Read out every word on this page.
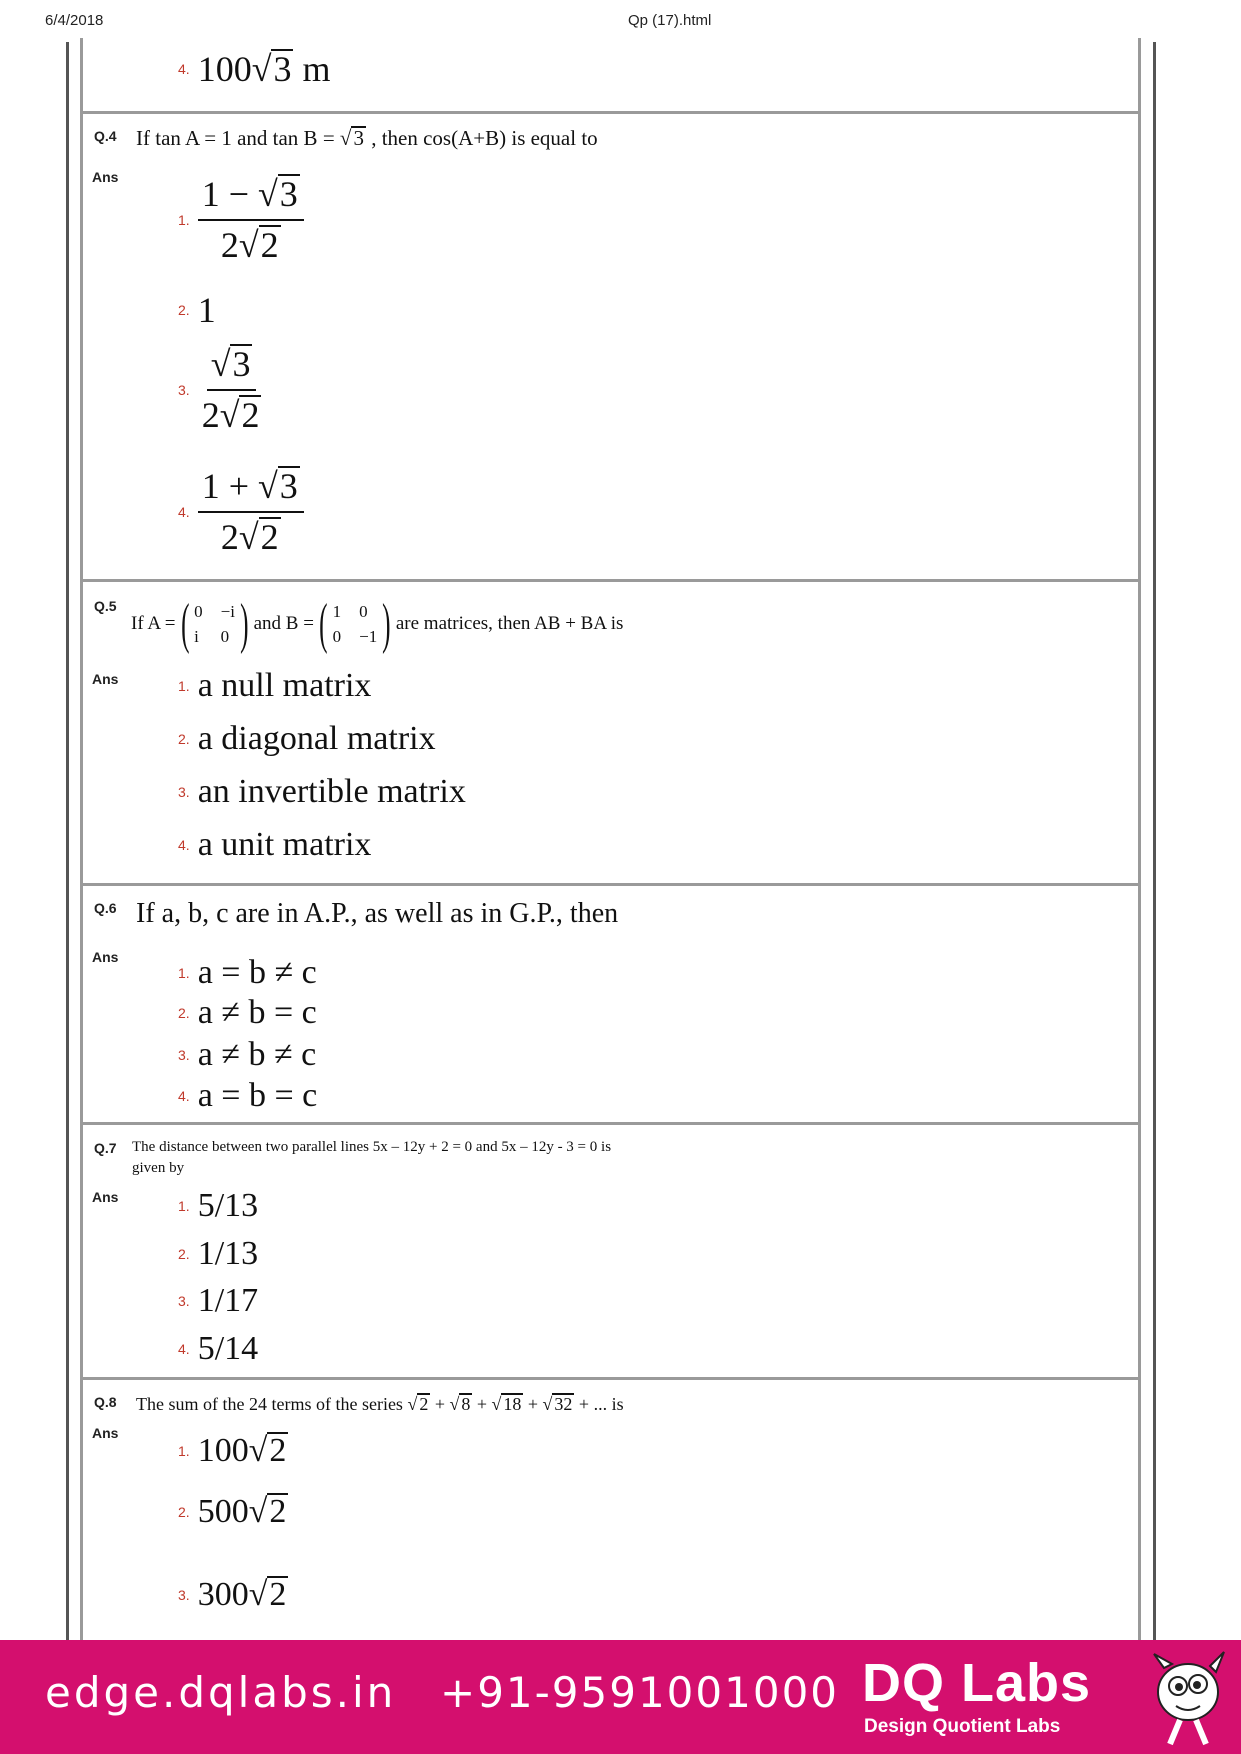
6/4/2018	Qp (17).html
4. 100√3 m
Q.4 If tan A = 1 and tan B = √3 , then cos(A+B) is equal to
Ans
1. $\frac{1 - √3}{2√2}$
2. 1
3. $\frac{√3}{2√2}$
4. $\frac{1 + √3}{2√2}$
Q.5
If A = ( 0 −i
i 0 ) and B = ( 1 0
0 −1 ) are matrices, then AB + BA is
Ans	1. a null matrix
2. a diagonal matrix
3. an invertible matrix
4. a unit matrix
Q.6 If a, b, c are in A.P., as well as in G.P., then
Ans
1. a = b ≠ c
2. a ≠ b = c
3. a ≠ b ≠ c
4. a = b = c
Q.7 The distance between two parallel lines 5x – 12y + 2 = 0 and 5x – 12y - 3 = 0 is
given by
Ans
1. 5/13
2. 1/13
3. 1/17
4. 5/14
Q.8 The sum of the 24 terms of the series √ 2 + √ 8 + √ 18 + √ 32 + ... is
Ans
1. 100√2
2. 500√2
3. 300√2
edge.dqlabs.in +91-9591001000 DQ Labs
Design Quotient Labs
